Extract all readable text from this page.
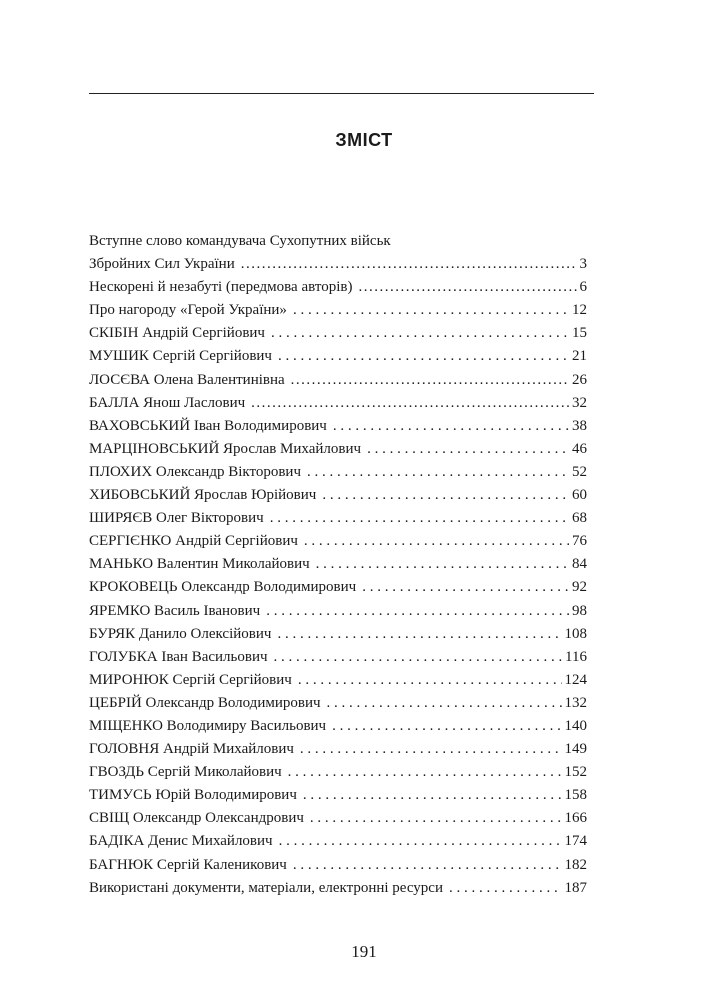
ЗМІСТ
Вступне слово командувача Сухопутних військ
Збройних Сил України .....	3
Нескорені й незабуті (передмова авторів) .....	6
Про нагороду «Герой України» . . .	12
СКІБІН Андрій Сергійович . . .	15
МУШИК Сергій Сергійович . . .	21
ЛОСЄВА Олена Валентинівна .....	26
БАЛЛА Янош Ласлович .....	32
ВАХОВСЬКИЙ Іван Володимирович . . .	38
МАРЦІНОВСЬКИЙ Ярослав Михайлович . . .	46
ПЛОХИХ Олександр Вікторович . . .	52
ХИБОВСЬКИЙ Ярослав Юрійович . . .	60
ШИРЯЄВ Олег Вікторович . . .	68
СЕРГІЄНКО Андрій Сергійович . . .	76
МАНЬКО Валентин Миколайович . . .	84
КРОКОВЕЦЬ Олександр Володимирович . . .	92
ЯРЕМКО Василь Іванович . . .	98
БУРЯК Данило Олексійович . . .	108
ГОЛУБКА Іван Васильович . . .	116
МИРОНЮК Сергій Сергійович . . .	124
ЦЕБРІЙ Олександр Володимирович . . .	132
МІЩЕНКО Володимиру Васильович . . .	140
ГОЛОВНЯ Андрій Михайлович . . .	149
ГВОЗДЬ Сергій Миколайович . . .	152
ТИМУСЬ Юрій Володимирович . . .	158
СВІЩ Олександр Олександрович . . .	166
БАДІКА Денис Михайлович . . .	174
БАГНЮК Сергій Каленикович . . .	182
Використані документи, матеріали, електронні ресурси . . .	187
191
